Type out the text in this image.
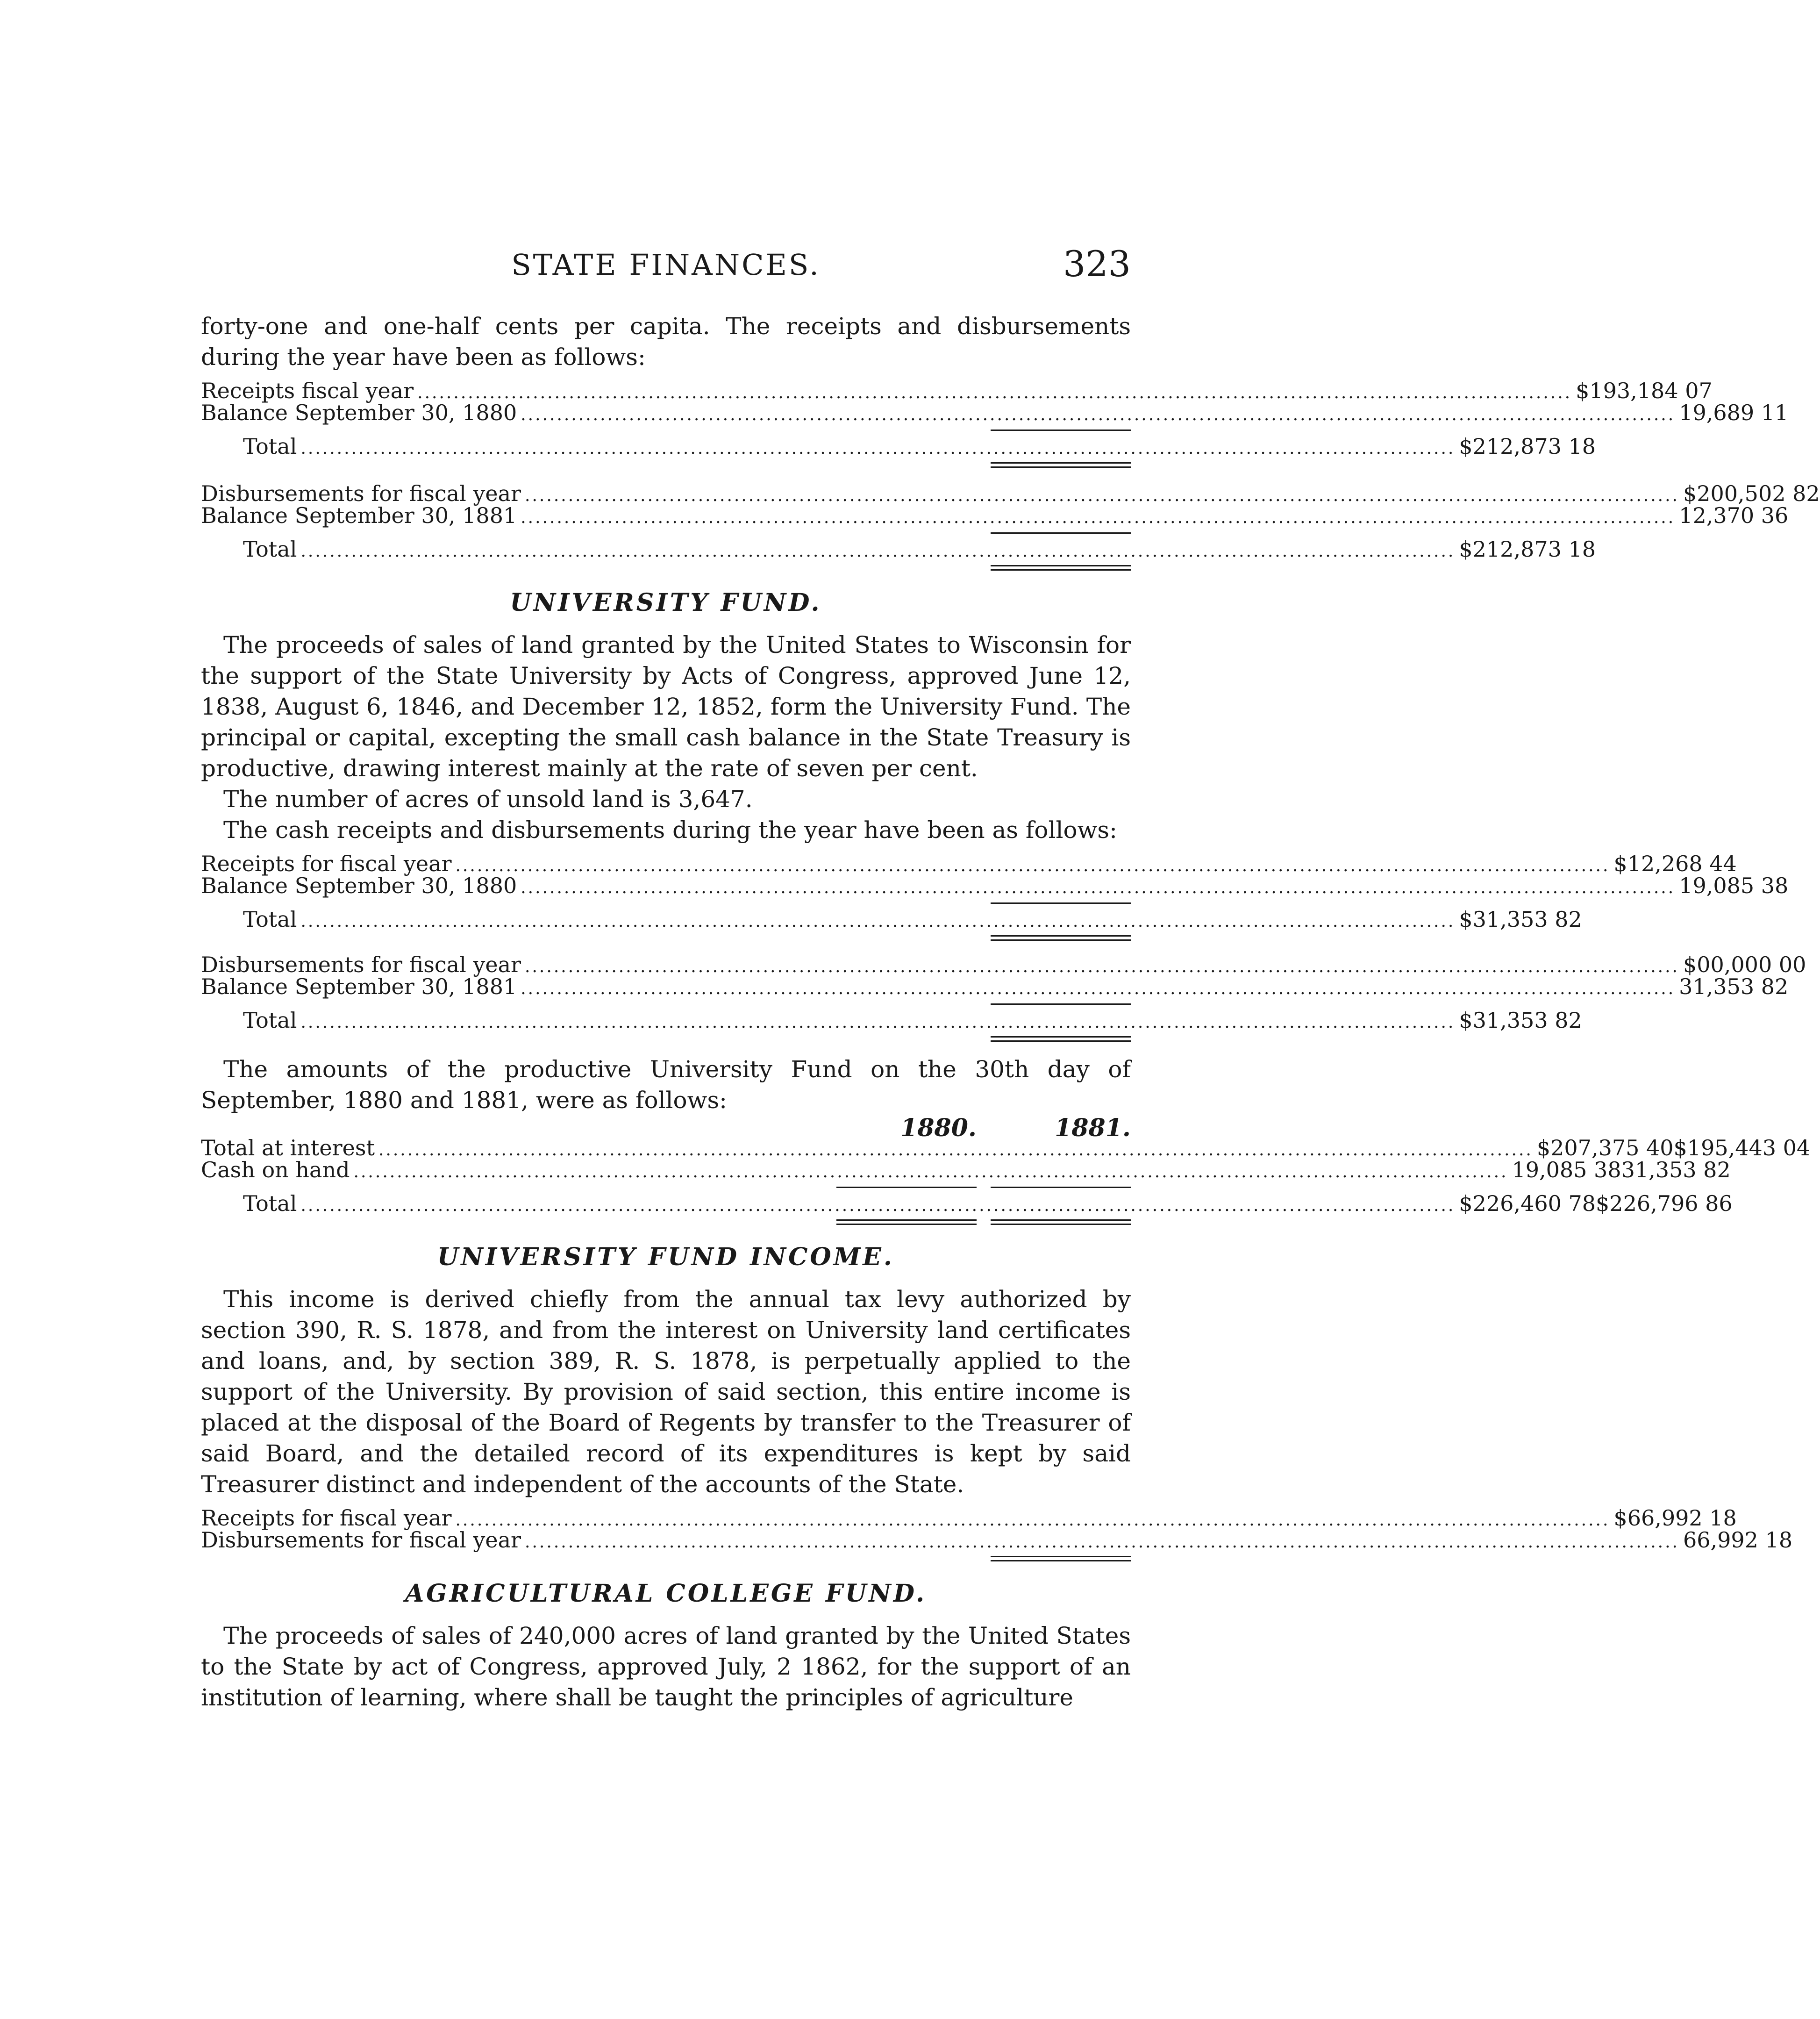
STATE FINANCES.	323

forty-one and one-half cents per capita. The receipts and disbursements during the year have been as follows:

Receipts fiscal year ................................................................................................................................................................ $193,184 07
Balance September 30, 1880 ................................................................................................................................................................ 19,689 11
Total ................................................................................................................................................................ $212,873 18
Disbursements for fiscal year ................................................................................................................................................................ $200,502 82
Balance September 30, 1881 ................................................................................................................................................................ 12,370 36
Total ................................................................................................................................................................ $212,873 18
UNIVERSITY FUND.

The proceeds of sales of land granted by the United States to Wisconsin for the support of the State University by Acts of Congress, approved June 12, 1838, August 6, 1846, and December 12, 1852, form the University Fund. The principal or capital, excepting the small cash balance in the State Treasury is productive, drawing interest mainly at the rate of seven per cent.

The number of acres of unsold land is 3,647.

The cash receipts and disbursements during the year have been as follows:

Receipts for fiscal year ................................................................................................................................................................ $12,268 44
Balance September 30, 1880 ................................................................................................................................................................ 19,085 38
Total ................................................................................................................................................................ $31,353 82
Disbursements for fiscal year ................................................................................................................................................................ $00,000 00
Balance September 30, 1881 ................................................................................................................................................................ 31,353 82
Total ................................................................................................................................................................ $31,353 82

The amounts of the productive University Fund on the 30th day of September, 1880 and 1881, were as follows:

1880.	1881.
Total at interest ................................................................................................................................................................ $207,375 40 $195,443 04
Cash on hand ................................................................................................................................................................ 19,085 38 31,353 82
Total ................................................................................................................................................................ $226,460 78 $226,796 86
UNIVERSITY FUND INCOME.

This income is derived chiefly from the annual tax levy authorized by section 390, R. S. 1878, and from the interest on University land certificates and loans, and, by section 389, R. S. 1878, is perpetually applied to the support of the University. By provision of said section, this entire income is placed at the disposal of the Board of Regents by transfer to the Treasurer of said Board, and the detailed record of its expenditures is kept by said Treasurer distinct and independent of the accounts of the State.

Receipts for fiscal year ................................................................................................................................................................ $66,992 18
Disbursements for fiscal year ................................................................................................................................................................ 66,992 18
AGRICULTURAL COLLEGE FUND.

The proceeds of sales of 240,000 acres of land granted by the United States to the State by act of Congress, approved July, 2 1862, for the support of an institution of learning, where shall be taught the principles of agriculture
